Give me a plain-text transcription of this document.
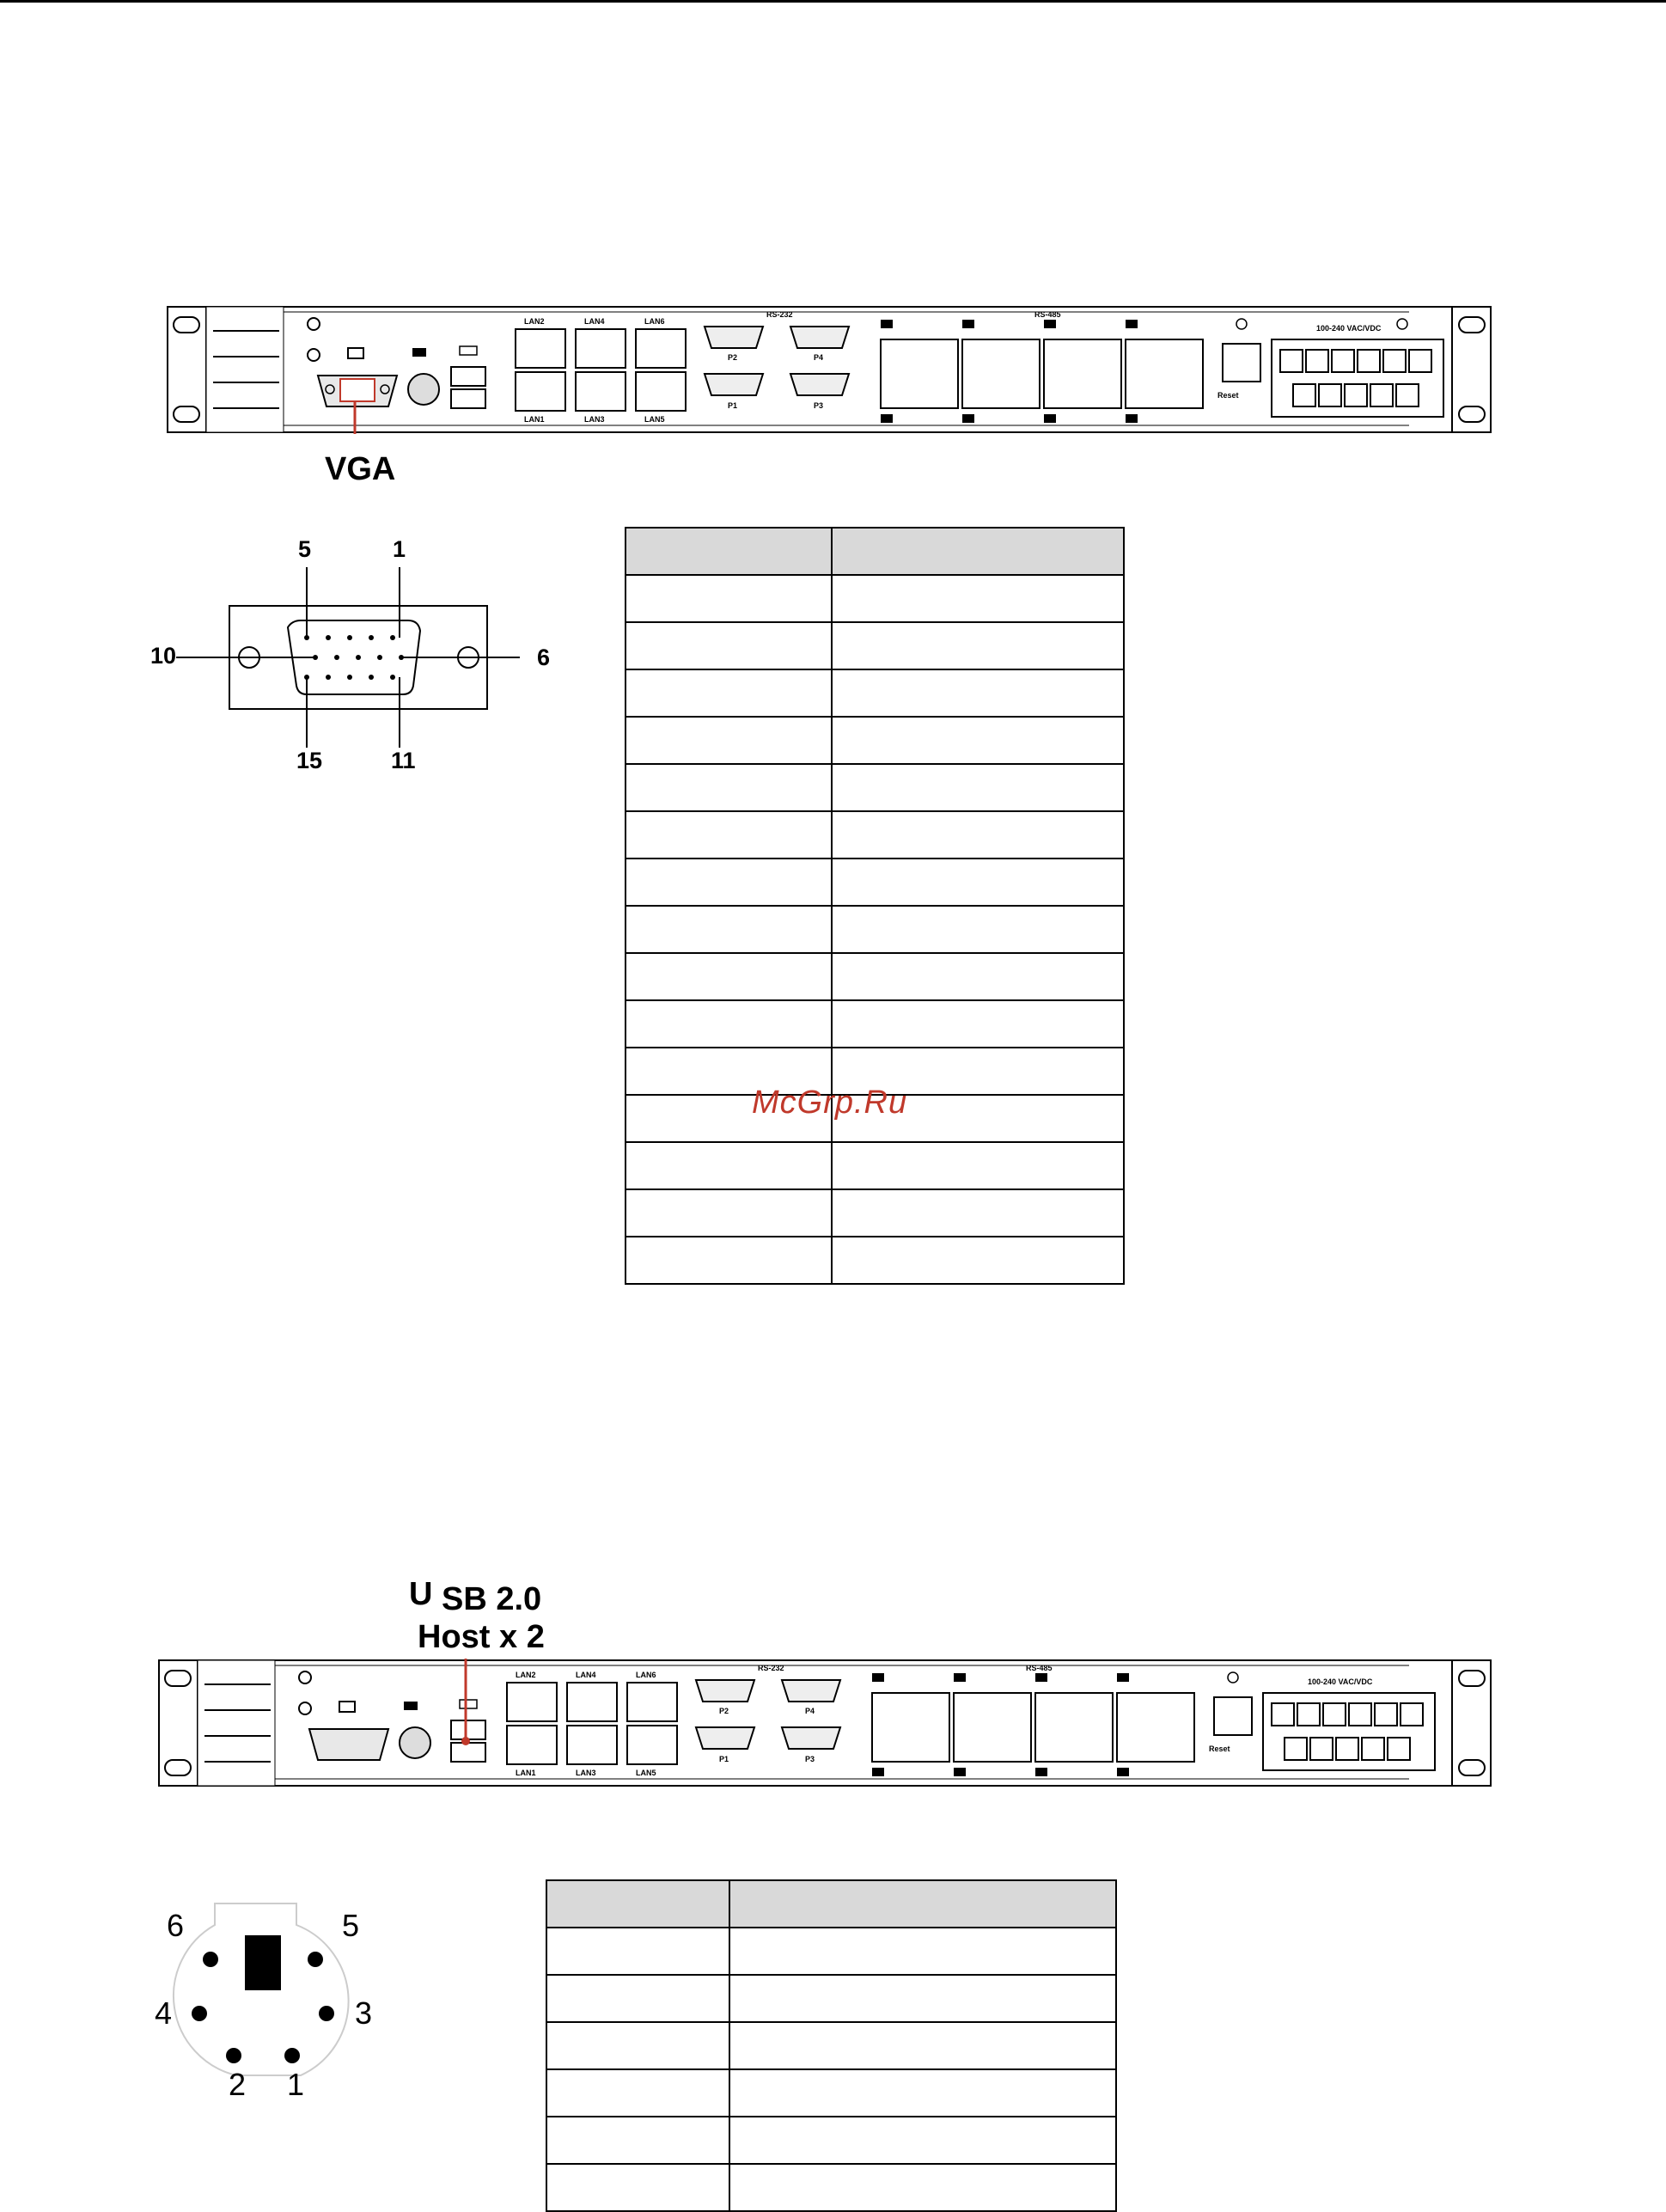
LAN2	LAN4	LAN6
LAN1	LAN3	LAN5
P2	P4
P1	P3
RS-232	RS-485
100-240 VAC/VDC
Reset
VGA
5	1
10	6
15	11

McGrp.Ru
U SB 2.0
Host x 2
LAN2	LAN4	LAN6
LAN1	LAN3	LAN5
P2	P4
P1	P3
RS-232	RS-485
100-240 VAC/VDC
Reset
6	5
4	3
2 1
